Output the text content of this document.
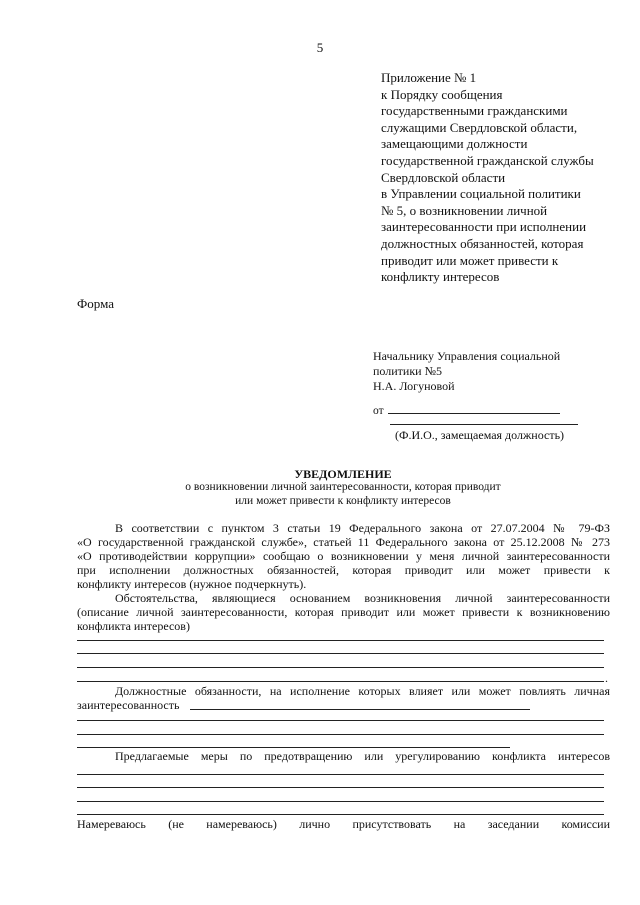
5
Приложение № 1
к Порядку сообщения
государственными гражданскими
служащими Свердловской области,
замещающими должности
государственной гражданской службы
Свердловской области
в Управлении социальной политики
№ 5, о возникновении личной
заинтересованности при исполнении
должностных обязанностей, которая
приводит или может привести к
конфликту интересов
Форма
Начальнику Управления социальной
политики №5
Н.А. Логуновой
от
(Ф.И.О., замещаемая должность)
УВЕДОМЛЕНИЕ
о возникновении личной заинтересованности, которая приводит
или может привести к конфликту интересов
В соответствии с пунктом 3 статьи 19 Федерального закона от 27.07.2004 № 79-ФЗ
«О государственной гражданской службе», статьей 11 Федерального закона от 25.12.2008 № 273
«О противодействии коррупции» сообщаю о возникновении у меня личной заинтересованности
при исполнении должностных обязанностей, которая приводит или может привести к
конфликту интересов (нужное подчеркнуть).
Обстоятельства, являющиеся основанием возникновения личной заинтересованности
(описание личной заинтересованности, которая приводит или может привести к возникновению
конфликта интересов)
.
Должностные обязанности, на исполнение которых влияет или может повлиять личная
заинтересованность
Предлагаемые меры по предотвращению или урегулированию конфликта интересов
Намереваюсь (не намереваюсь) лично присутствовать на заседании комиссии
